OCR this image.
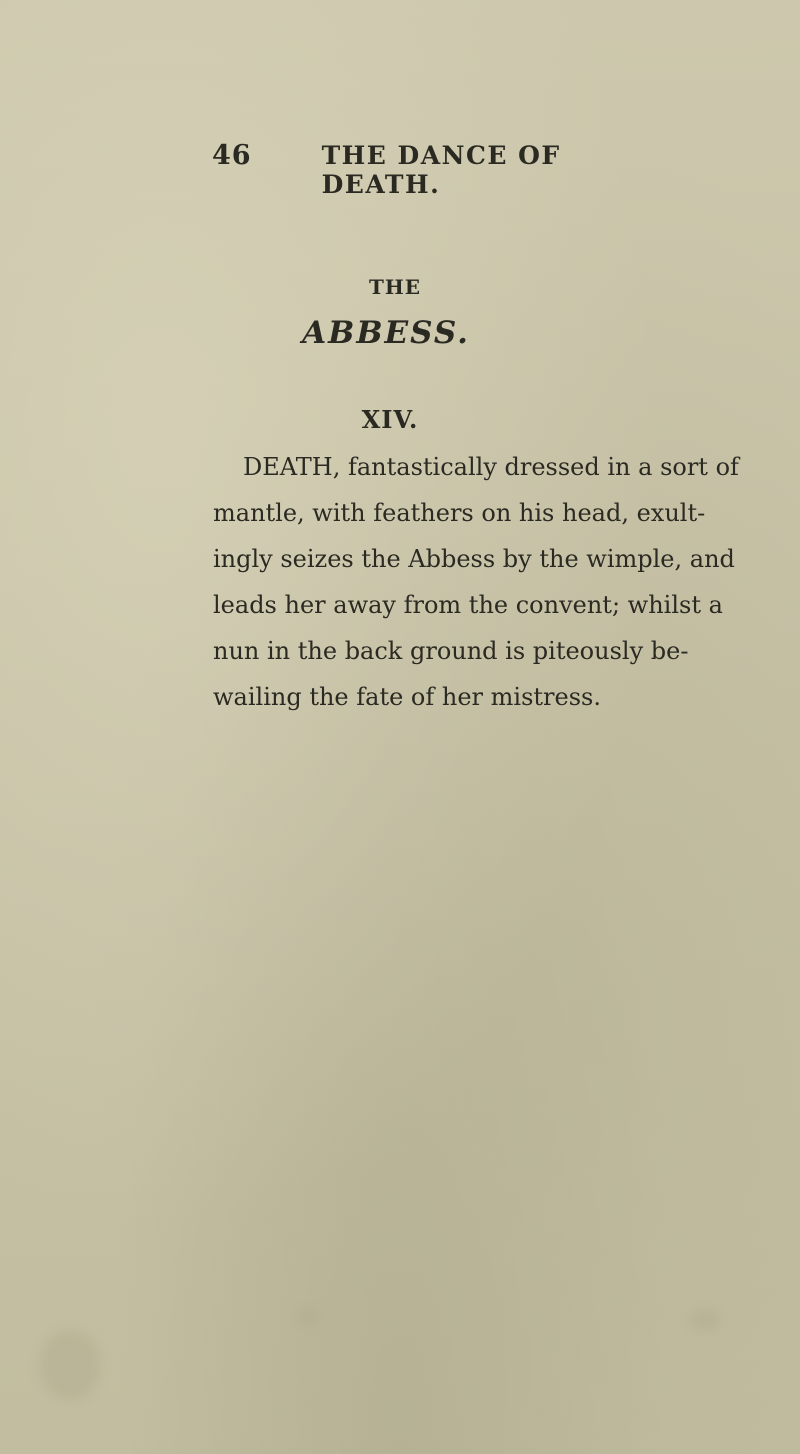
46	THE DANCE OF DEATH.
THE
ABBESS.
XIV.
DEATH, fantastically dressed in a sort of
mantle, with feathers on his head, exult-
ingly seizes the Abbess by the wimple, and
leads her away from the convent; whilst a
nun in the back ground is piteously be-
wailing the fate of her mistress.
